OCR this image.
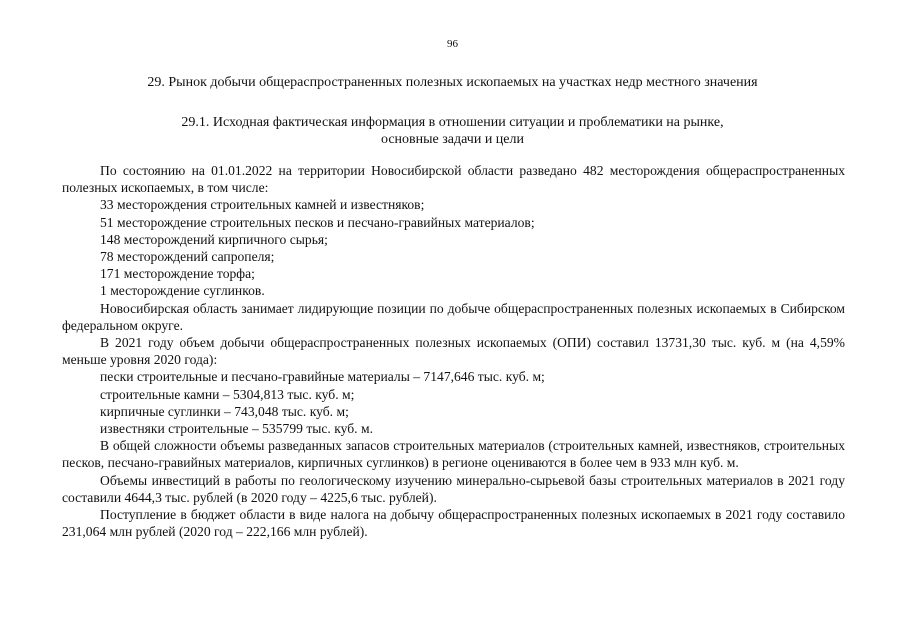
96
29. Рынок добычи общераспространенных полезных ископаемых на участках недр местного значения
29.1. Исходная фактическая информация в отношении ситуации и проблематики на рынке,
основные задачи и цели

По состоянию на 01.01.2022 на территории Новосибирской области разведано 482 месторождения общераспространенных полезных ископаемых, в том числе:

33 месторождения строительных камней и известняков;

51 месторождение строительных песков и песчано-гравийных материалов;

148 месторождений кирпичного сырья;

78 месторождений сапропеля;

171 месторождение торфа;

1 месторождение суглинков.

Новосибирская область занимает лидирующие позиции по добыче общераспространенных полезных ископаемых в Сибирском федеральном округе.

В 2021 году объем добычи общераспространенных полезных ископаемых (ОПИ) составил 13731,30 тыс. куб. м (на 4,59% меньше уровня 2020 года):

пески строительные и песчано-гравийные материалы – 7147,646 тыс. куб. м;

строительные камни – 5304,813 тыс. куб. м;

кирпичные суглинки – 743,048 тыс. куб. м;

известняки строительные – 535799 тыс. куб. м.

В общей сложности объемы разведанных запасов строительных материалов (строительных камней, известняков, строительных песков, песчано-гравийных материалов, кирпичных суглинков) в регионе оцениваются в более чем в 933 млн куб. м.

Объемы инвестиций в работы по геологическому изучению минерально-сырьевой базы строительных материалов в 2021 году составили 4644,3 тыс. рублей (в 2020 году – 4225,6 тыс. рублей).

Поступление в бюджет области в виде налога на добычу общераспространенных полезных ископаемых в 2021 году составило 231,064 млн рублей (2020 год – 222,166 млн рублей).
